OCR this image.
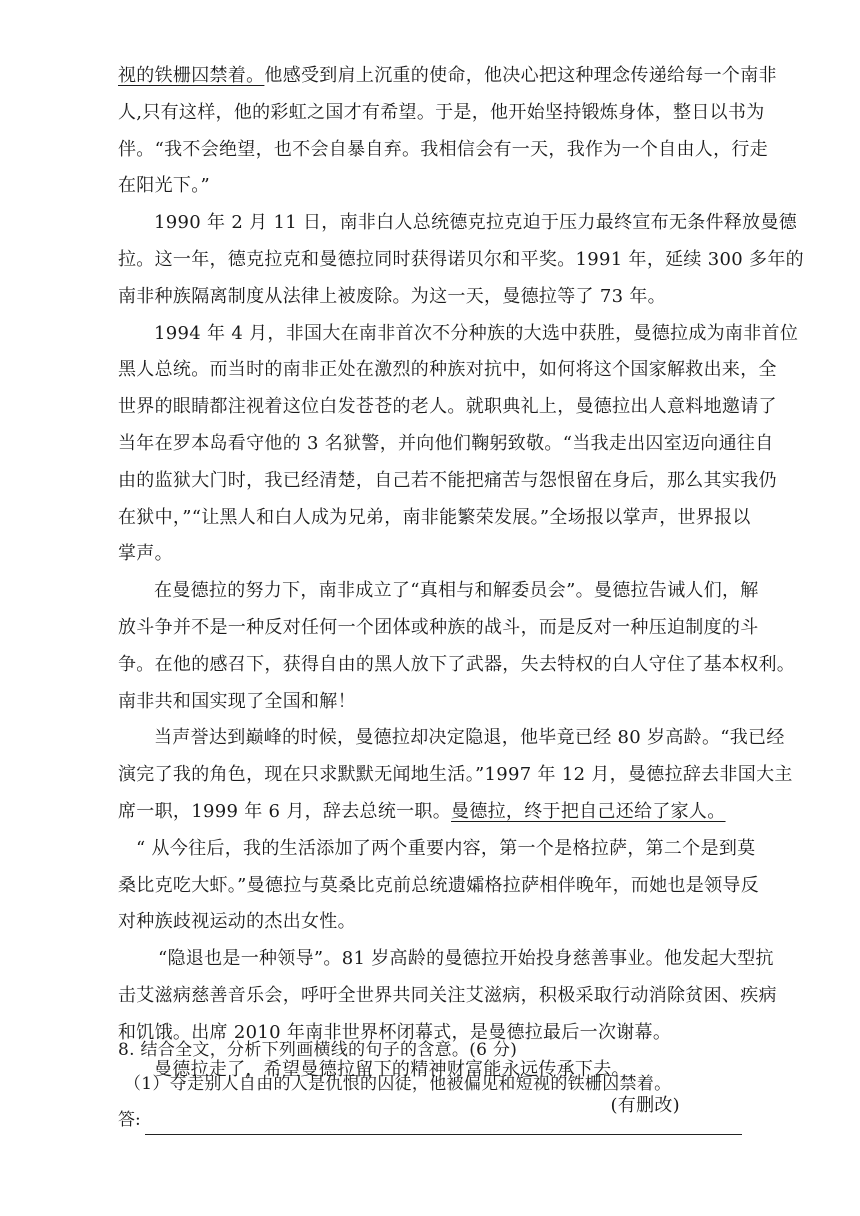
视的铁栅囚禁着。他感受到肩上沉重的使命，他决心把这种理念传递给每一个南非
人,只有这样，他的彩虹之国才有希望。于是，他开始坚持锻炼身体，整日以书为
伴。“我不会绝望，也不会自暴自弃。我相信会有一天，我作为一个自由人，行走
在阳光下。”
1990 年 2 月 11 日，南非白人总统德克拉克迫于压力最终宣布无条件释放曼德
拉。这一年，德克拉克和曼德拉同时获得诺贝尔和平奖。1991 年，延续 300 多年的
南非种族隔离制度从法律上被废除。为这一天，曼德拉等了 73 年。
1994 年 4 月，非国大在南非首次不分种族的大选中获胜，曼德拉成为南非首位
黑人总统。而当时的南非正处在激烈的种族对抗中，如何将这个国家解救出来，全
世界的眼睛都注视着这位白发苍苍的老人。就职典礼上，曼德拉出人意料地邀请了
当年在罗本岛看守他的 3 名狱警，并向他们鞠躬致敬。“当我走出囚室迈向通往自
由的监狱大门时，我已经清楚，自己若不能把痛苦与怨恨留在身后，那么其实我仍
在狱中，”“让黑人和白人成为兄弟，南非能繁荣发展。”全场报以掌声，世界报以
掌声。
在曼德拉的努力下，南非成立了“真相与和解委员会”。曼德拉告诫人们，解
放斗争并不是一种反对任何一个团体或种族的战斗，而是反对一种压迫制度的斗
争。在他的感召下，获得自由的黑人放下了武器，失去特权的白人守住了基本权利。
南非共和国实现了全国和解！
当声誉达到巅峰的时候，曼德拉却决定隐退，他毕竟已经 80 岁高龄。“我已经
演完了我的角色，现在只求默默无闻地生活。”1997 年 12 月，曼德拉辞去非国大主
席一职，1999 年 6 月，辞去总统一职。曼德拉，终于把自己还给了家人。
“ 从今往后，我的生活添加了两个重要内容，第一个是格拉萨，第二个是到莫
桑比克吃大虾。”曼德拉与莫桑比克前总统遗孀格拉萨相伴晚年，而她也是领导反
对种族歧视运动的杰出女性。
“隐退也是一种领导”。81 岁高龄的曼德拉开始投身慈善事业。他发起大型抗
击艾滋病慈善音乐会，呼吁全世界共同关注艾滋病，积极采取行动消除贫困、疾病
和饥饿。出席 2010 年南非世界杯闭幕式，是曼德拉最后一次谢幕。
曼德拉走了，希望曼德拉留下的精神财富能永远传承下去。
(有删改)
8. 结合全文，分析下列画横线的句子的含意。(6 分)
（1）夺走别人自由的人是仇恨的囚徒，他被偏见和短视的铁栅囚禁着。
答:
